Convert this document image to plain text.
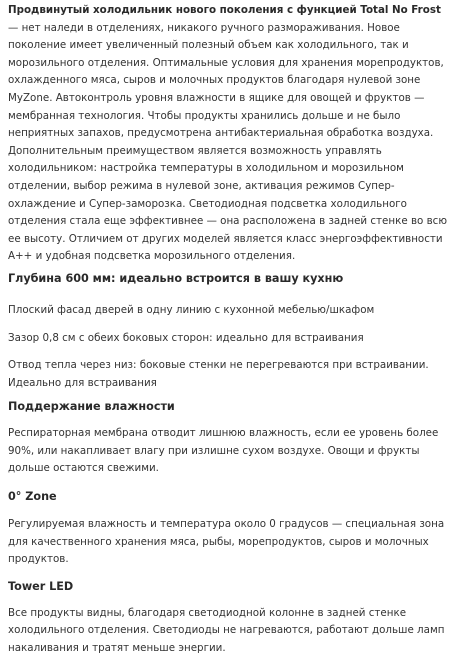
Продвинутый холодильник нового поколения с функцией Total No Frost — нет наледи в отделениях, никакого ручного размораживания. Новое поколение имеет увеличенный полезный объем как холодильного, так и морозильного отделения. Оптимальные условия для хранения морепродуктов, охлажденного мяса, сыров и молочных продуктов благодаря нулевой зоне MyZone. Автоконтроль уровня влажности в ящике для овощей и фруктов — мембранная технология. Чтобы продукты хранились дольше и не было неприятных запахов, предусмотрена антибактериальная обработка воздуха. Дополнительным преимуществом является возможность управлять холодильником: настройка температуры в холодильном и морозильном отделении, выбор режима в нулевой зоне, активация режимов Супер-охлаждение и Супер-заморозка. Светодиодная подсветка холодильного отделения стала еще эффективнее — она расположена в задней стенке во всю ее высоту. Отличием от других моделей является класс энергоэффективности A++ и удобная подсветка морозильного отделения.

Глубина 600 мм: идеально встроится в вашу кухню

Плоский фасад дверей в одну линию с кухонной мебелью/шкафом

Зазор 0,8 см с обеих боковых сторон: идеально для встраивания

Отвод тепла через низ: боковые стенки не перегреваются при встраивании. Идеально для встраивания

Поддержание влажности

Респираторная мембрана отводит лишнюю влажность, если ее уровень более 90%, или накапливает влагу при излишне сухом воздухе. Овощи и фрукты дольше остаются свежими.

0° Zone

Регулируемая влажность и температура около 0 градусов — специальная зона для качественного хранения мяса, рыбы, морепродуктов, сыров и молочных продуктов.

Tower LED

Все продукты видны, благодаря светодиодной колонне в задней стенке холодильного отделения. Светодиоды не нагреваются, работают дольше ламп накаливания и тратят меньше энергии.
